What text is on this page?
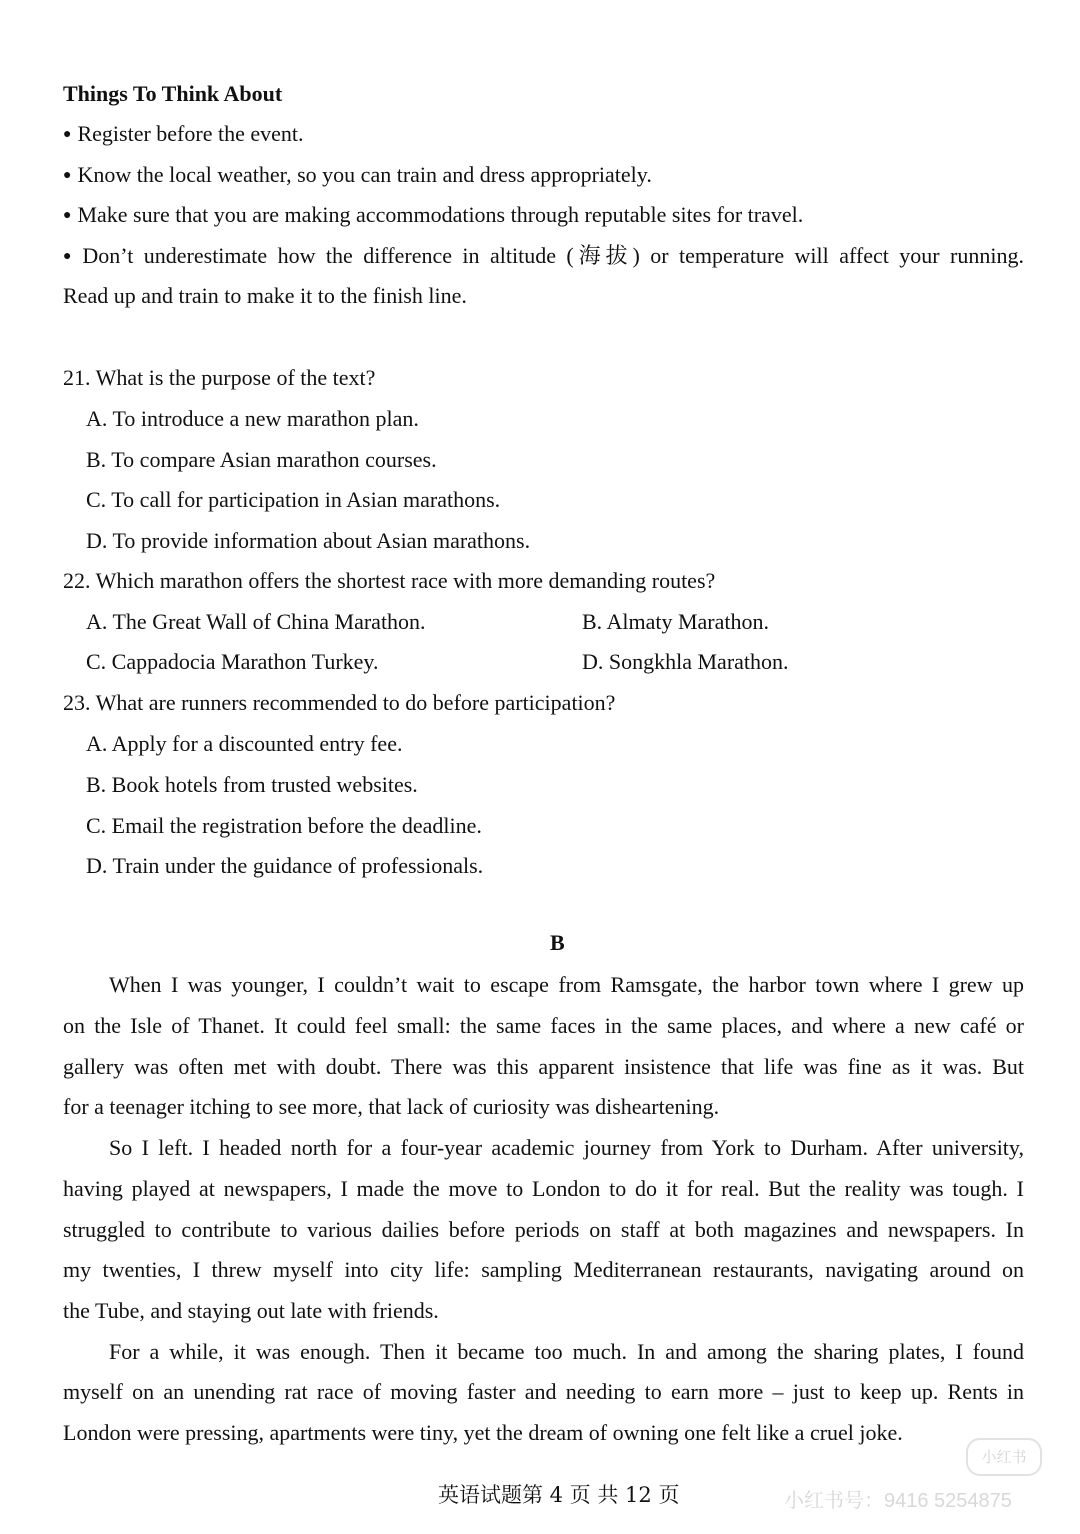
Things To Think About
● Register before the event.
● Know the local weather, so you can train and dress appropriately.
● Make sure that you are making accommodations through reputable sites for travel.
● Don’t underestimate how the difference in altitude (海拔) or temperature will affect your running.
Read up and train to make it to the finish line.
21. What is the purpose of the text?
A. To introduce a new marathon plan.
B. To compare Asian marathon courses.
C. To call for participation in Asian marathons.
D. To provide information about Asian marathons.
22. Which marathon offers the shortest race with more demanding routes?
A. The Great Wall of China Marathon.	B. Almaty Marathon.
C. Cappadocia Marathon Turkey.	D. Songkhla Marathon.
23. What are runners recommended to do before participation?
A. Apply for a discounted entry fee.
B. Book hotels from trusted websites.
C. Email the registration before the deadline.
D. Train under the guidance of professionals.
B
When I was younger, I couldn’t wait to escape from Ramsgate, the harbor town where I grew up
on the Isle of Thanet. It could feel small: the same faces in the same places, and where a new café or
gallery was often met with doubt. There was this apparent insistence that life was fine as it was. But
for a teenager itching to see more, that lack of curiosity was disheartening.
So I left. I headed north for a four-year academic journey from York to Durham. After university,
having played at newspapers, I made the move to London to do it for real. But the reality was tough. I
struggled to contribute to various dailies before periods on staff at both magazines and newspapers. In
my twenties, I threw myself into city life: sampling Mediterranean restaurants, navigating around on
the Tube, and staying out late with friends.
For a while, it was enough. Then it became too much. In and among the sharing plates, I found
myself on an unending rat race of moving faster and needing to earn more – just to keep up. Rents in
London were pressing, apartments were tiny, yet the dream of owning one felt like a cruel joke.
小红书
小红书号：9416 5254875
英语试题第 4 页 共 12 页
